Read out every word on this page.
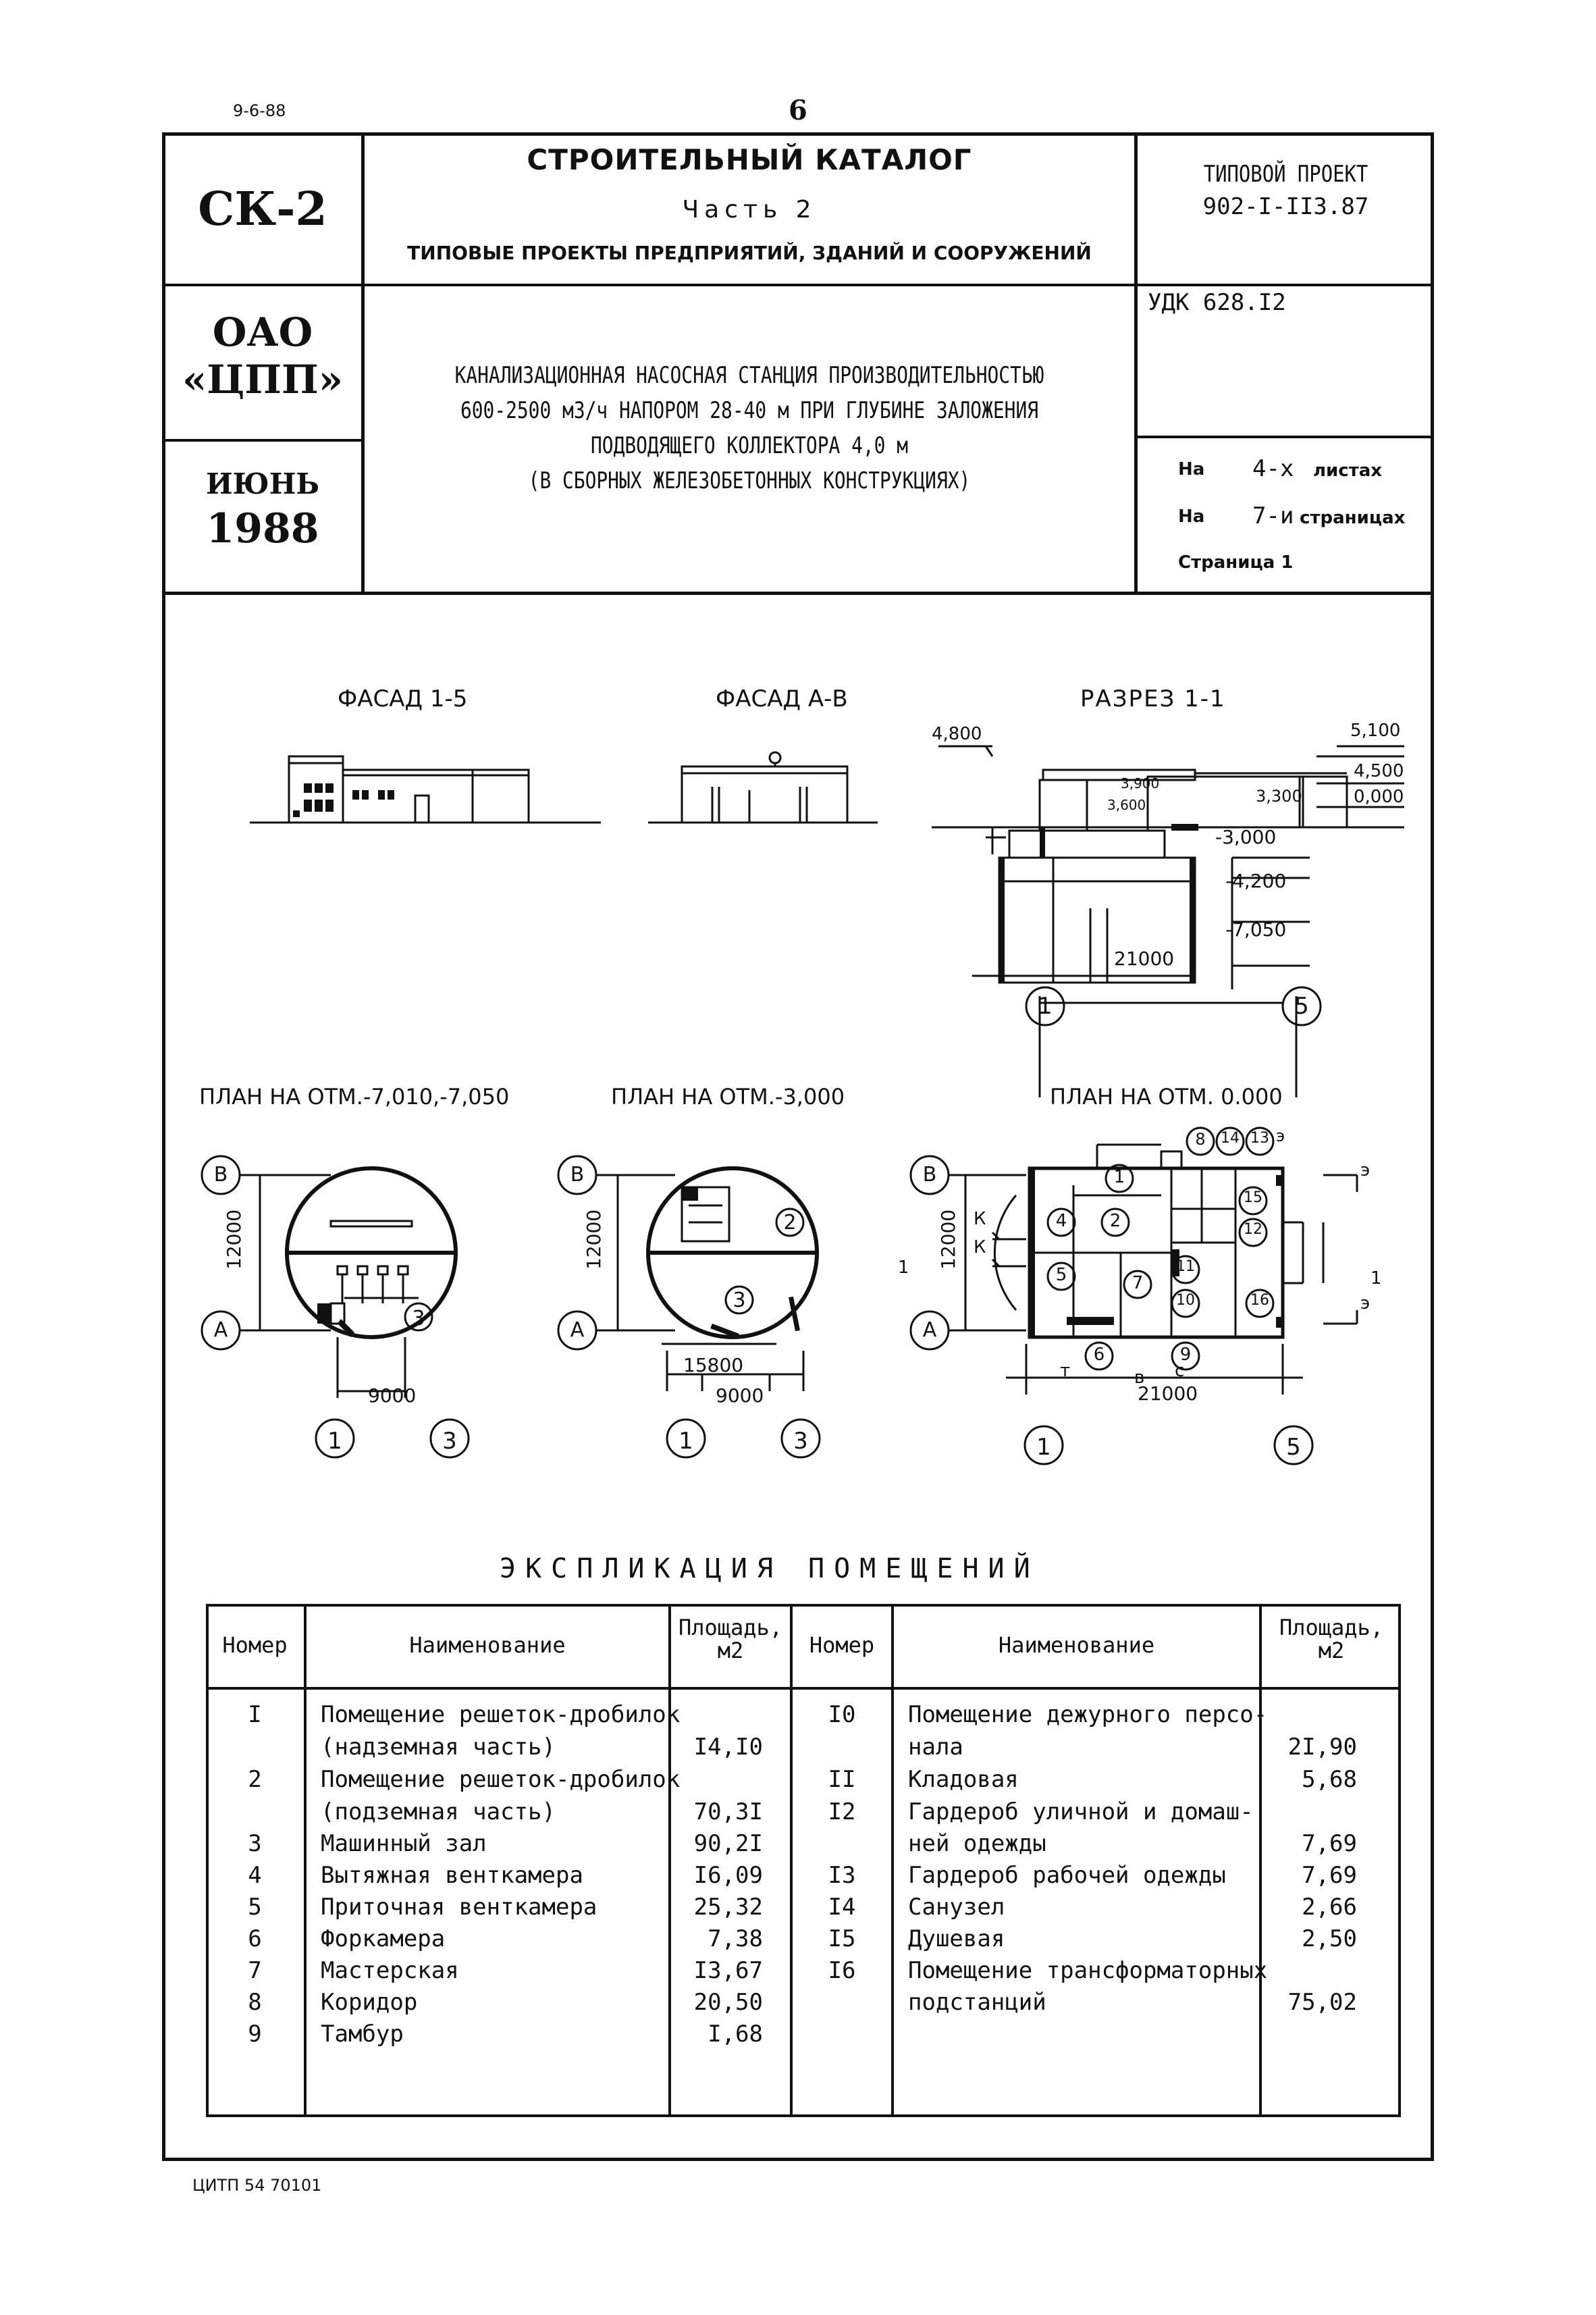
9-6-88	6
СК-2
ОАО
«ЦПП»
ИЮНЬ
1988
СТРОИТЕЛЬНЫЙ КАТАЛОГ
Часть 2
ТИПОВЫЕ ПРОЕКТЫ ПРЕДПРИЯТИЙ, ЗДАНИЙ И СООРУЖЕНИЙ
КАНАЛИЗАЦИОННАЯ НАСОСНАЯ СТАНЦИЯ ПРОИЗВОДИТЕЛЬНОСТЬЮ
600-2500 м3/ч НАПОРОМ 28-40 м ПРИ ГЛУБИНЕ ЗАЛОЖЕНИЯ
ПОДВОДЯЩЕГО КОЛЛЕКТОРА 4,0 м
(В СБОРНЫХ ЖЕЛЕЗОБЕТОННЫХ КОНСТРУКЦИЯХ)
ТИПОВОЙ ПРОЕКТ
902-I-II3.87
УДК 628.I2
На 4-х листах
На 7-и страницах
Страница 1
ФАСАД 1-5	ФАСАД А-В	РАЗРЕЗ 1-1
4,800	5,100
4,500
0,000
3,900
3,600	3,300
-3,000
-4,200
-7,050
21000
1	5
ПЛАН НА ОТМ.-7,010,-7,050	ПЛАН НА ОТМ.-3,000	ПЛАН НА ОТМ. 0.000
В
А
12000
3
9000
1	3
В
А
12000	2
3
15800
9000
1	3
В
А
12000 К
К
1
1
э
э
э
т	в с
21000
1
2
4
5
6
7
8
9
10
11
12
13
14
15
16
1	5
ЭКСПЛИКАЦИЯ ПОМЕЩЕНИЙ
Номер	Наименование
Площадь,
м2	Номер	Наименование
Площадь,
м2
I	Помещение решеток-дробилок
(надземная часть)	I4,I0
2	Помещение решеток-дробилок
(подземная часть)	70,3I
3	Машинный зал	90,2I
4	Вытяжная венткамера	I6,09
5	Приточная венткамера	25,32
6	Форкамера	7,38
7	Мастерская	I3,67
8	Коридор	20,50
9	Тамбур	I,68
I0	Помещение дежурного персо-
нала	2I,90
II	Кладовая	5,68
I2	Гардероб уличной и домаш-
ней одежды	7,69
I3	Гардероб рабочей одежды	7,69
I4	Санузел	2,66
I5	Душевая	2,50
I6	Помещение трансформаторных
подстанций	75,02
ЦИТП 54 70101
